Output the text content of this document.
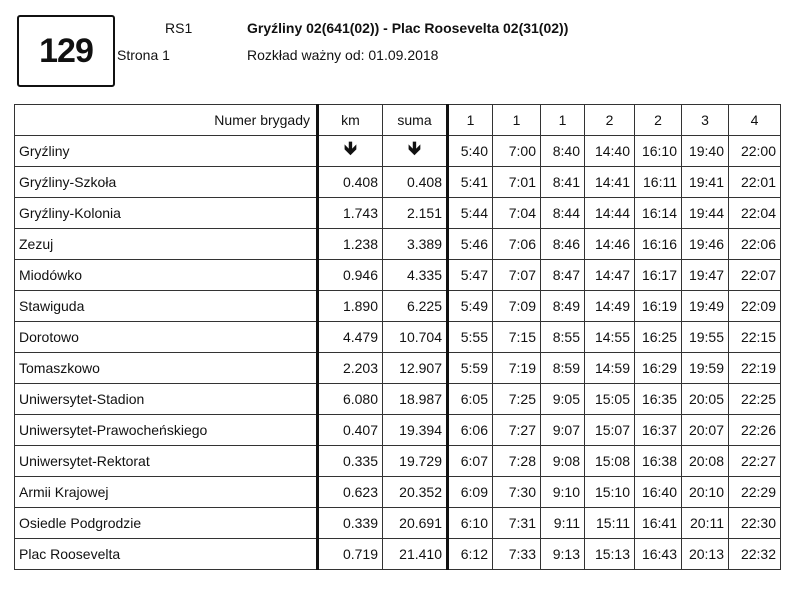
129
RS1
Strona 1
Gryźliny 02(641(02)) - Plac Roosevelta 02(31(02))
Rozkład ważny od: 01.09.2018
Numer brygady	km	suma	1	1	1	2	2	3	4
Gryźliny	🡻	🡻	5:40	7:00	8:40	14:40	16:10	19:40	22:00
Gryźliny-Szkoła	0.408	0.408	5:41	7:01	8:41	14:41	16:11	19:41	22:01
Gryźliny-Kolonia	1.743	2.151	5:44	7:04	8:44	14:44	16:14	19:44	22:04
Zezuj	1.238	3.389	5:46	7:06	8:46	14:46	16:16	19:46	22:06
Miodówko	0.946	4.335	5:47	7:07	8:47	14:47	16:17	19:47	22:07
Stawiguda	1.890	6.225	5:49	7:09	8:49	14:49	16:19	19:49	22:09
Dorotowo	4.479	10.704	5:55	7:15	8:55	14:55	16:25	19:55	22:15
Tomaszkowo	2.203	12.907	5:59	7:19	8:59	14:59	16:29	19:59	22:19
Uniwersytet-Stadion	6.080	18.987	6:05	7:25	9:05	15:05	16:35	20:05	22:25
Uniwersytet-Prawocheńskiego	0.407	19.394	6:06	7:27	9:07	15:07	16:37	20:07	22:26
Uniwersytet-Rektorat	0.335	19.729	6:07	7:28	9:08	15:08	16:38	20:08	22:27
Armii Krajowej	0.623	20.352	6:09	7:30	9:10	15:10	16:40	20:10	22:29
Osiedle Podgrodzie	0.339	20.691	6:10	7:31	9:11	15:11	16:41	20:11	22:30
Plac Roosevelta	0.719	21.410	6:12	7:33	9:13	15:13	16:43	20:13	22:32
